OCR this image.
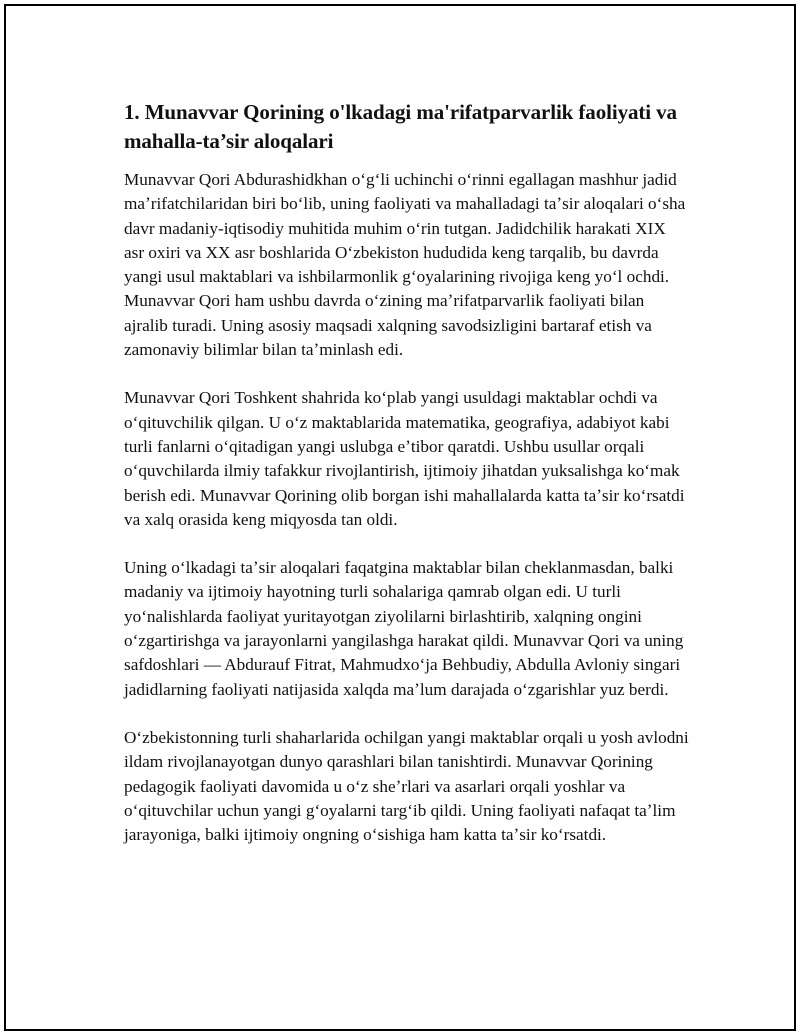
1. Munavvar Qorining o'lkadagi ma'rifatparvarlik faoliyati va mahalla-ta’sir aloqalari

Munavvar Qori Abdurashidkhan oʻgʻli uchinchi oʻrinni egallagan mashhur jadid maʼrifatchilaridan biri boʻlib, uning faoliyati va mahalladagi taʼsir aloqalari oʻsha davr madaniy-iqtisodiy muhitida muhim oʻrin tutgan. Jadidchilik harakati XIX asr oxiri va XX asr boshlarida Oʻzbekiston hududida keng tarqalib, bu davrda yangi usul maktablari va ishbilarmonlik gʻoyalarining rivojiga keng yoʻl ochdi. Munavvar Qori ham ushbu davrda oʻzining maʼrifatparvarlik faoliyati bilan ajralib turadi. Uning asosiy maqsadi xalqning savodsizligini bartaraf etish va zamonaviy bilimlar bilan taʼminlash edi.

Munavvar Qori Toshkent shahrida koʻplab yangi usuldagi maktablar ochdi va oʻqituvchilik qilgan. U oʻz maktablarida matematika, geografiya, adabiyot kabi turli fanlarni oʻqitadigan yangi uslubga eʼtibor qaratdi. Ushbu usullar orqali oʻquvchilarda ilmiy tafakkur rivojlantirish, ijtimoiy jihatdan yuksalishga koʻmak berish edi. Munavvar Qorining olib borgan ishi mahallalarda katta taʼsir koʻrsatdi va xalq orasida keng miqyosda tan oldi.

Uning oʻlkadagi taʼsir aloqalari faqatgina maktablar bilan cheklanmasdan, balki madaniy va ijtimoiy hayotning turli sohalariga qamrab olgan edi. U turli yoʻnalishlarda faoliyat yuritayotgan ziyolilarni birlashtirib, xalqning ongini oʻzgartirishga va jarayonlarni yangilashga harakat qildi. Munavvar Qori va uning safdoshlari — Abdurauf Fitrat, Mahmudxoʻja Behbudiy, Abdulla Avloniy singari jadidlarning faoliyati natijasida xalqda maʼlum darajada oʻzgarishlar yuz berdi.

Oʻzbekistonning turli shaharlarida ochilgan yangi maktablar orqali u yosh avlodni ildam rivojlanayotgan dunyo qarashlari bilan tanishtirdi. Munavvar Qorining pedagogik faoliyati davomida u oʻz sheʼrlari va asarlari orqali yoshlar va oʻqituvchilar uchun yangi gʻoyalarni targʻib qildi. Uning faoliyati nafaqat taʼlim jarayoniga, balki ijtimoiy ongning oʻsishiga ham katta taʼsir koʻrsatdi.
